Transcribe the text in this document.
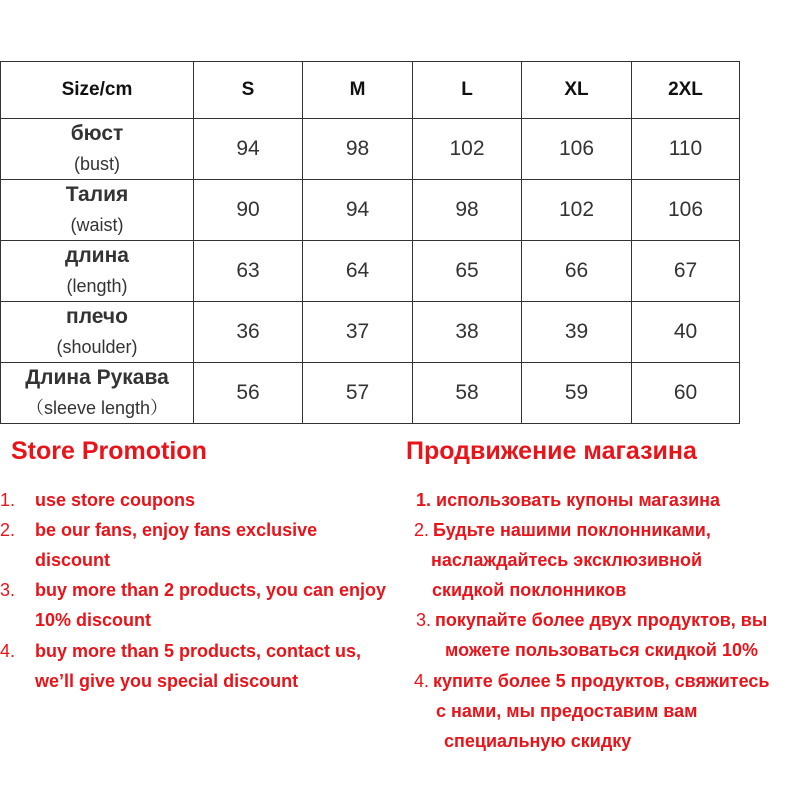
Size/cm	S	M	L	XL	2XL

бюст
(bust)	94	98	102	106	110

Талия
(waist)	90	94	98	102	106

длина
(length)	63	64	65	66	67

плечо
(shoulder)	36	37	38	39	40

Длина Рукава
（sleeve length）	56	57	58	59	60
Store Promotion
1. use store coupons
2. be our fans, enjoy fans exclusive
discount
3. buy more than 2 products, you can enjoy
10% discount
4. buy more than 5 products, contact us,
we’ll give you special discount
Продвижение магазина
1. использовать купоны магазина
2. Будьте нашими поклонниками,
наслаждайтесь эксклюзивной
скидкой поклонников
3. покупайте более двух продуктов, вы
можете пользоваться скидкой 10%
4. купите более 5 продуктов, свяжитесь
с нами, мы предоставим вам
специальную скидку
